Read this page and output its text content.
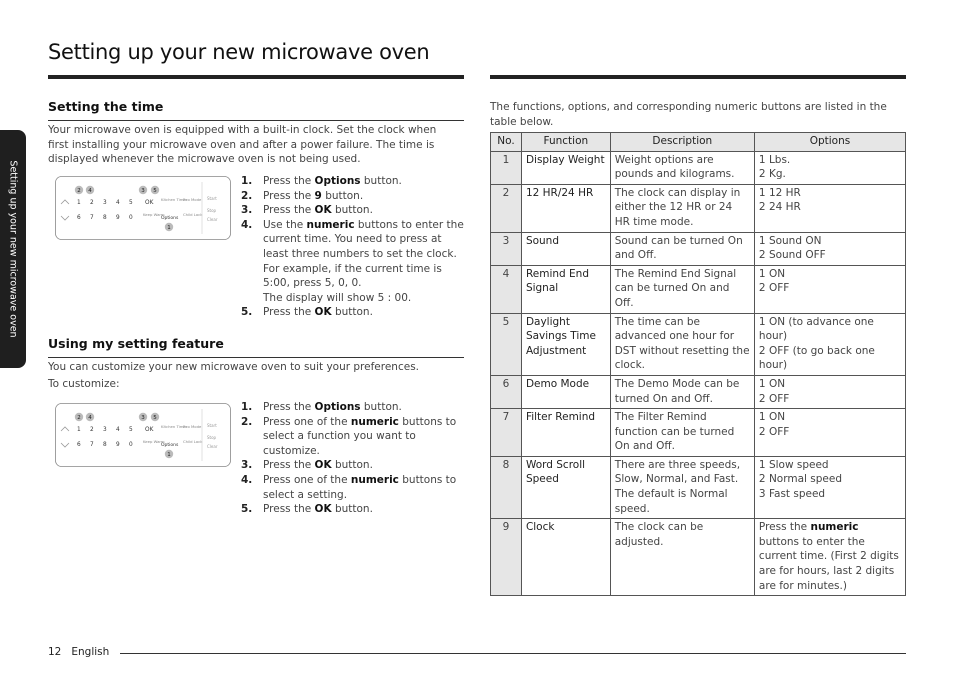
Setting up your new microwave oven
Setting up your new microwave oven
Setting the time
Your microwave oven is equipped with a built-in clock. Set the clock when first installing your microwave oven and after a power failure. The time is displayed whenever the microwave oven is not being used.
2 4	3 5
1
1 2 3 4 5
6 7 8 9 0
OK
Options
Kitchen Timer
Eco Mode
Keep Warm	Child Lock
Start
Stop
Clear
1. Press the Options button.
2. Press the 9 button.
3. Press the OK button.
4. Use the numeric buttons to enter the current time. You need to press at least three numbers to set the clock. For example, if the current time is 5:00, press 5, 0, 0.
The display will show 5 : 00.
5. Press the OK button.
Using my setting feature
You can customize your new microwave oven to suit your preferences.
To customize:
2 4	3 5
1
1 2 3 4 5
6 7 8 9 0
OK
Options
Kitchen Timer
Eco Mode
Keep Warm	Child Lock
Start
Stop
Clear
1. Press the Options button.
2. Press one of the numeric buttons to select a function you want to customize.
3. Press the OK button.
4. Press one of the numeric buttons to select a setting.
5. Press the OK button.
The functions, options, and corresponding numeric buttons are listed in the table below.
No.	Function	Description	Options
1	Display Weight	Weight options are pounds and kilograms.	1 Lbs.
2 Kg.
2	12 HR/24 HR	The clock can display in either the 12 HR or 24 HR time mode.	1 12 HR
2 24 HR
3	Sound	Sound can be turned On and Off.	1 Sound ON
2 Sound OFF
4	Remind End Signal	The Remind End Signal can be turned On and Off.	1 ON
2 OFF
5	Daylight Savings Time Adjustment	The time can be advanced one hour for DST without resetting the clock.	1 ON (to advance one hour)
2 OFF (to go back one hour)
6	Demo Mode	The Demo Mode can be turned On and Off.	1 ON
2 OFF
7	Filter Remind	The Filter Remind function can be turned On and Off.	1 ON
2 OFF
8	Word Scroll Speed	There are three speeds, Slow, Normal, and Fast. The default is Normal speed.	1 Slow speed
2 Normal speed
3 Fast speed
9	Clock	The clock can be adjusted.	Press the numeric buttons to enter the current time. (First 2 digits are for hours, last 2 digits are for minutes.)
12 English
